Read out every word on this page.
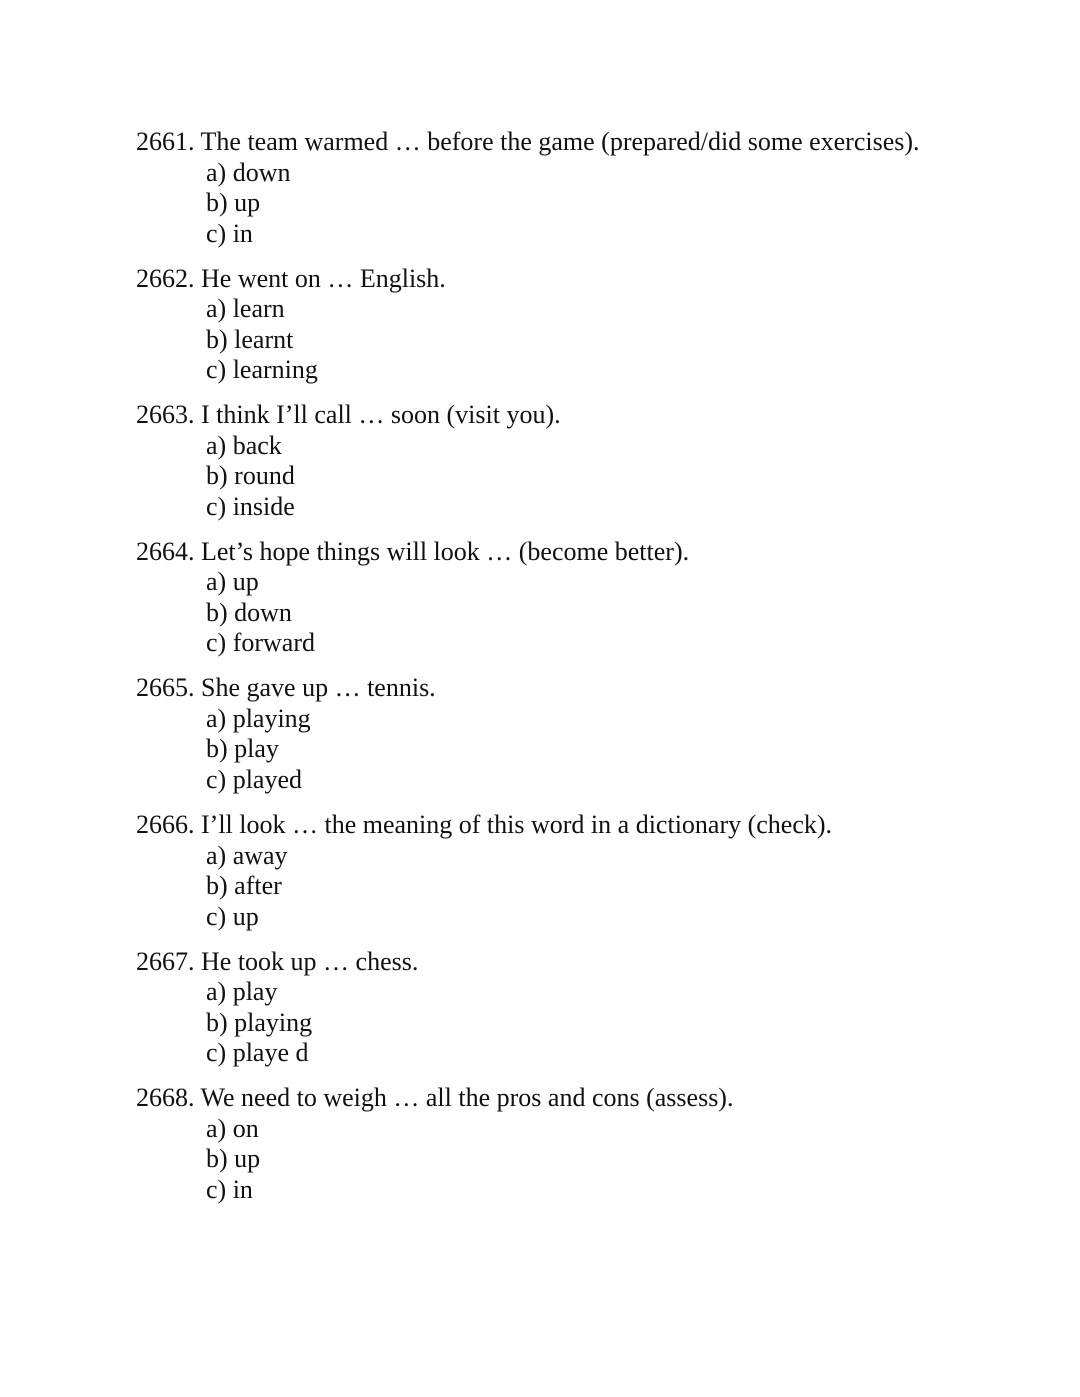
2661. The team warmed … before the game (prepared/did some exercises).
a) down
b) up
c) in
2662. He went on … English.
a) learn
b) learnt
c) learning
2663. I think I’ll call … soon (visit you).
a) back
b) round
c) inside
2664. Let’s hope things will look … (become better).
a) up
b) down
c) forward
2665. She gave up … tennis.
a) playing
b) play
c) played
2666. I’ll look … the meaning of this word in a dictionary (check).
a) away
b) after
c) up
2667. He took up … chess.
a) play
b) playing
c) playe d
2668. We need to weigh … all the pros and cons (assess).
a) on
b) up
c) in
